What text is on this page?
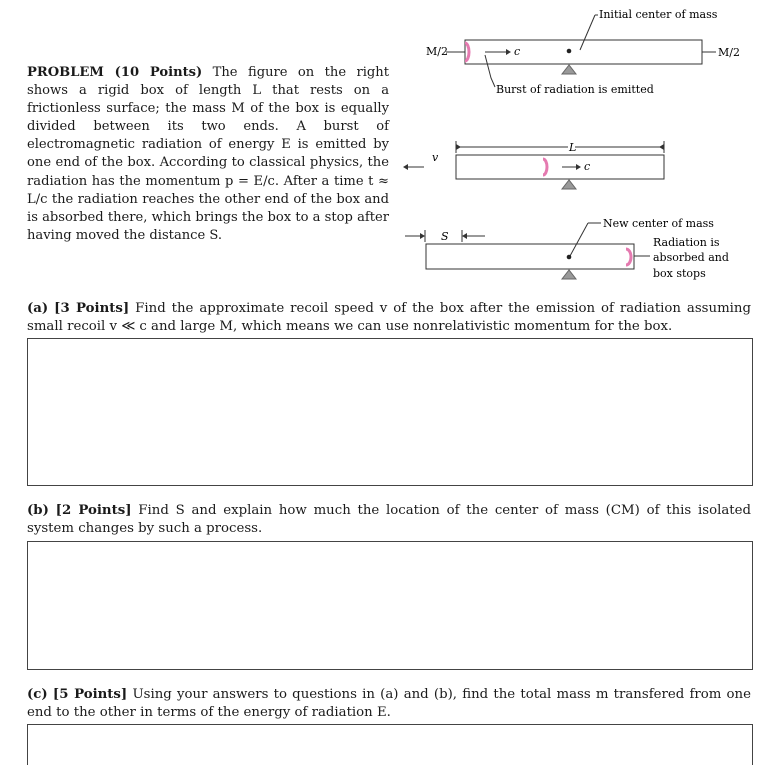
PROBLEM (10 Points) The figure on the right shows a rigid box of length L that rests on a frictionless surface; the mass M of the box is equally divided between its two ends. A burst of electromagnetic radiation of energy E is emitted by one end of the box. According to classical physics, the radiation has the momentum p = E/c. After a time t ≈ L/c the radiation reaches the other end of the box and is absorbed there, which brings the box to a stop after having moved the distance S.
Initial center of mass
M/2	M/2
c
Burst of radiation is emitted
L
v
c
S
New center of mass
Radiation is
absorbed and
box stops
(a) [3 Points] Find the approximate recoil speed v of the box after the emission of radiation assuming small recoil v ≪ c and large M, which means we can use nonrelativistic momentum for the box.
(b) [2 Points] Find S and explain how much the location of the center of mass (CM) of this isolated system changes by such a process.
(c) [5 Points] Using your answers to questions in (a) and (b), find the total mass m transfered from one end to the other in terms of the energy of radiation E.
